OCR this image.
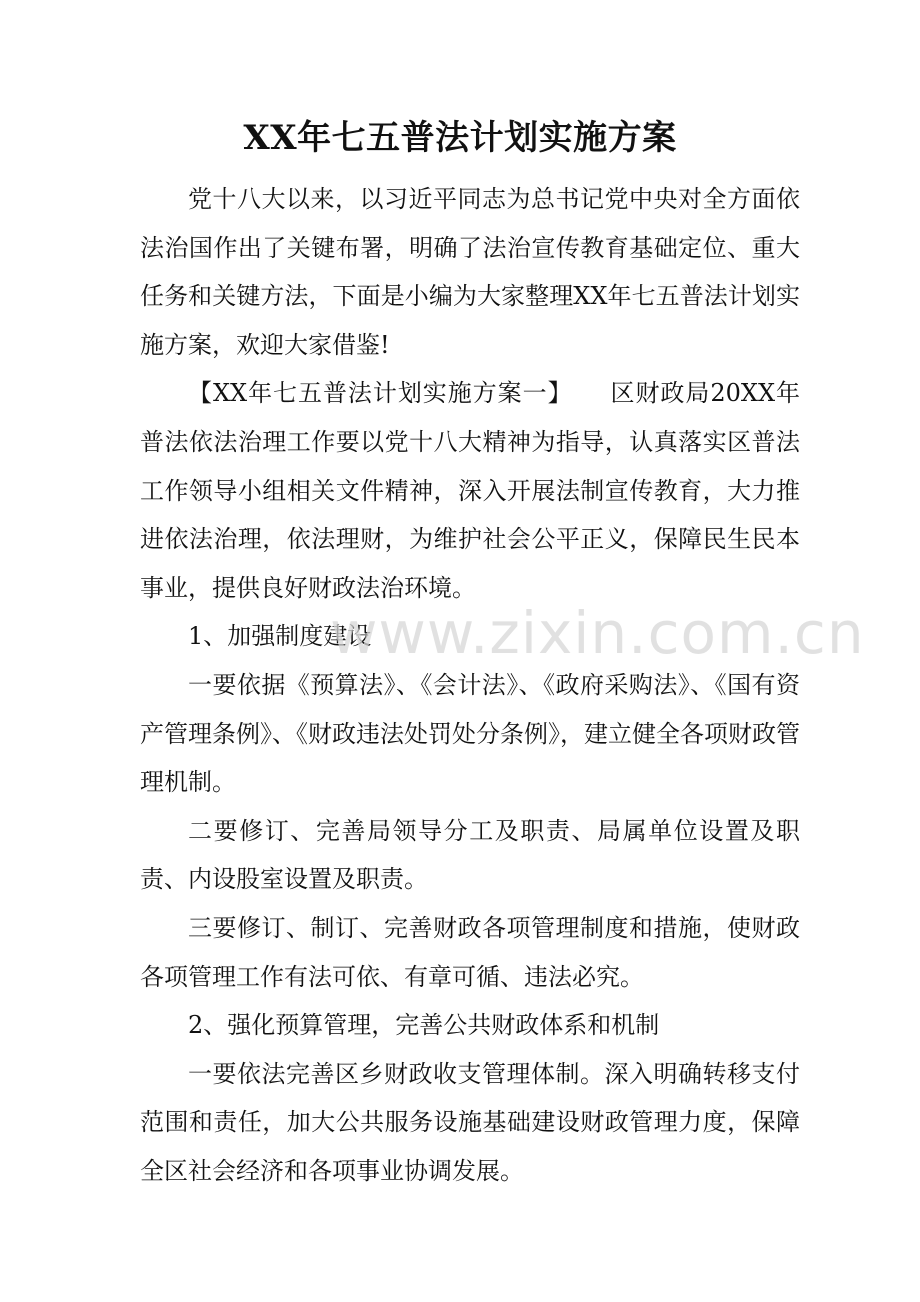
XX年七五普法计划实施方案

党十八大以来，以习近平同志为总书记党中央对全方面依法治国作出了关键布署，明确了法治宣传教育基础定位、重大任务和关键方法，下面是小编为大家整理XX年七五普法计划实施方案，欢迎大家借鉴!

【XX年七五普法计划实施方案一】　　区财政局20XX年普法依法治理工作要以党十八大精神为指导，认真落实区普法工作领导小组相关文件精神，深入开展法制宣传教育，大力推进依法治理，依法理财，为维护社会公平正义，保障民生民本事业，提供良好财政法治环境。

1、加强制度建设

一要依据《预算法》、《会计法》、《政府采购法》、《国有资产管理条例》、《财政违法处罚处分条例》，建立健全各项财政管理机制。

二要修订、完善局领导分工及职责、局属单位设置及职责、内设股室设置及职责。

三要修订、制订、完善财政各项管理制度和措施，使财政各项管理工作有法可依、有章可循、违法必究。

2、强化预算管理，完善公共财政体系和机制

一要依法完善区乡财政收支管理体制。深入明确转移支付范围和责任，加大公共服务设施基础建设财政管理力度，保障全区社会经济和各项事业协调发展。

www.zixin.com.cn
